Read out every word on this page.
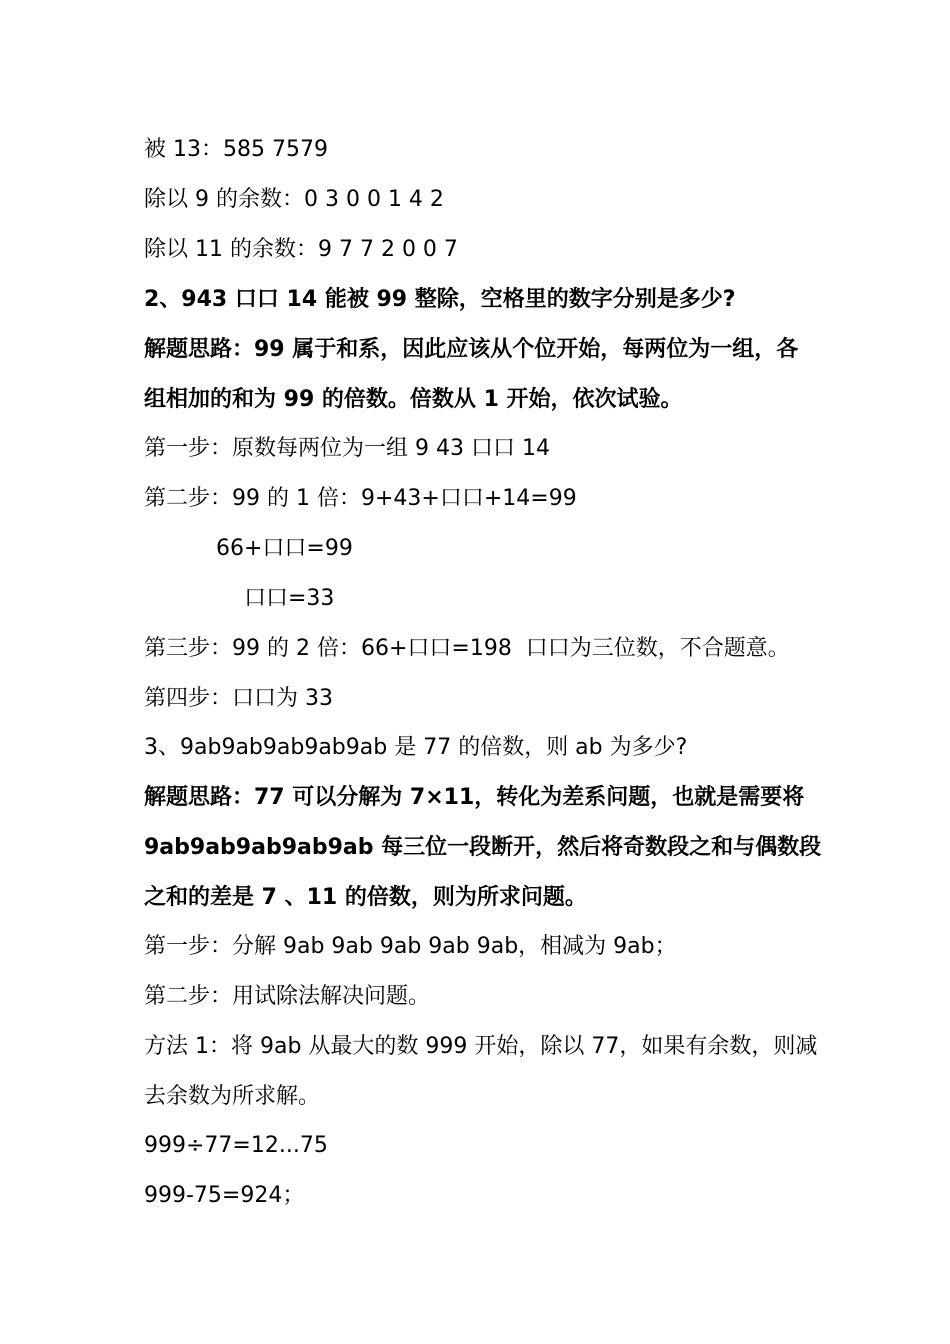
被 13：585 7579
除以 9 的余数：0 3 0 0 1 4 2
除以 11 的余数：9 7 7 2 0 0 7
2、943 口口 14 能被 99 整除，空格里的数字分别是多少?
解题思路：99 属于和系，因此应该从个位开始，每两位为一组，各
组相加的和为 99 的倍数。倍数从 1 开始，依次试验。
第一步：原数每两位为一组 9 43 口口 14
第二步：99 的 1 倍：9+43+口口+14=99
66+口口=99
口口=33
第三步：99 的 2 倍：66+口口=198  口口为三位数，不合题意。
第四步：口口为 33
3、9ab9ab9ab9ab9ab 是 77 的倍数，则 ab 为多少?
解题思路：77 可以分解为 7×11，转化为差系问题，也就是需要将
9ab9ab9ab9ab9ab 每三位一段断开，然后将奇数段之和与偶数段
之和的差是 7 、11 的倍数，则为所求问题。
第一步：分解 9ab 9ab 9ab 9ab 9ab，相减为 9ab；
第二步：用试除法解决问题。
方法 1：将 9ab 从最大的数 999 开始，除以 77，如果有余数，则减
去余数为所求解。
999÷77=12...75
999-75=924；
